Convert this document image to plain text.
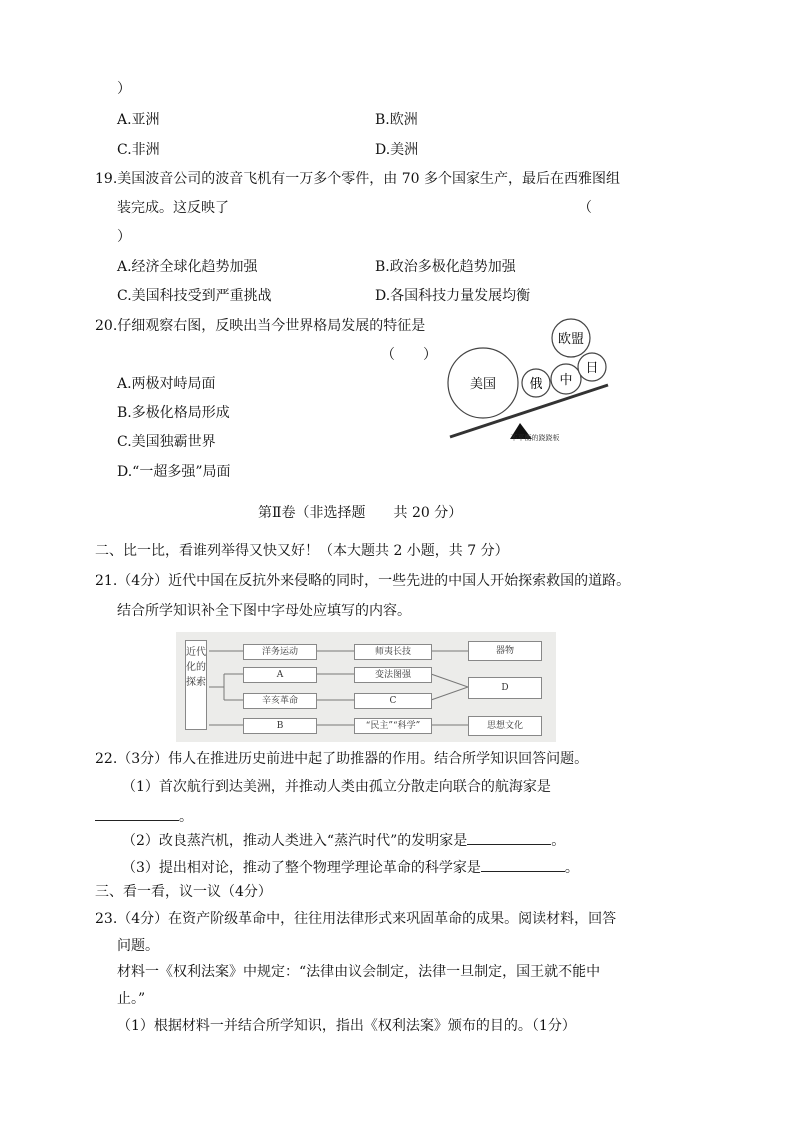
）
A.亚洲	B.欧洲
C.非洲	D.美洲
19.美国波音公司的波音飞机有一万多个零件，由 70 多个国家生产，最后在西雅图组
装完成。这反映了	（
）
A.经济全球化趋势加强	B.政治多极化趋势加强
C.美国科技受到严重挑战	D.各国科技力量发展均衡
20.仔细观察右图，反映出当今世界格局发展的特征是
（　　）
A.两极对峙局面
B.多极化格局形成
C.美国独霸世界
D.“一超多强”局面
美国	俄 中
欧盟
日
不平衡的跷跷板
第Ⅱ卷（非选择题　　共 20 分）
二、比一比，看谁列举得又快又好！（本大题共 2 小题，共 7 分）
21.（4分）近代中国在反抗外来侵略的同时，一些先进的中国人开始探索救国的道路。
结合所学知识补全下图中字母处应填写的内容。
近代化的探索
洋务运动	师夷长技	器物
A	变法图强
辛亥革命	C
D
B	“民主”“科学”	思想文化
22.（3分）伟人在推进历史前进中起了助推器的作用。结合所学知识回答问题。
（1）首次航行到达美洲，并推动人类由孤立分散走向联合的航海家是
。
（2）改良蒸汽机，推动人类进入“蒸汽时代”的发明家是	。
（3）提出相对论，推动了整个物理学理论革命的科学家是	。
三、看一看，议一议（4分）
23.（4分）在资产阶级革命中，往往用法律形式来巩固革命的成果。阅读材料，回答
问题。
材料一《权利法案》中规定：“法律由议会制定，法律一旦制定，国王就不能中
止。”
（1）根据材料一并结合所学知识，指出《权利法案》颁布的目的。（1分）
